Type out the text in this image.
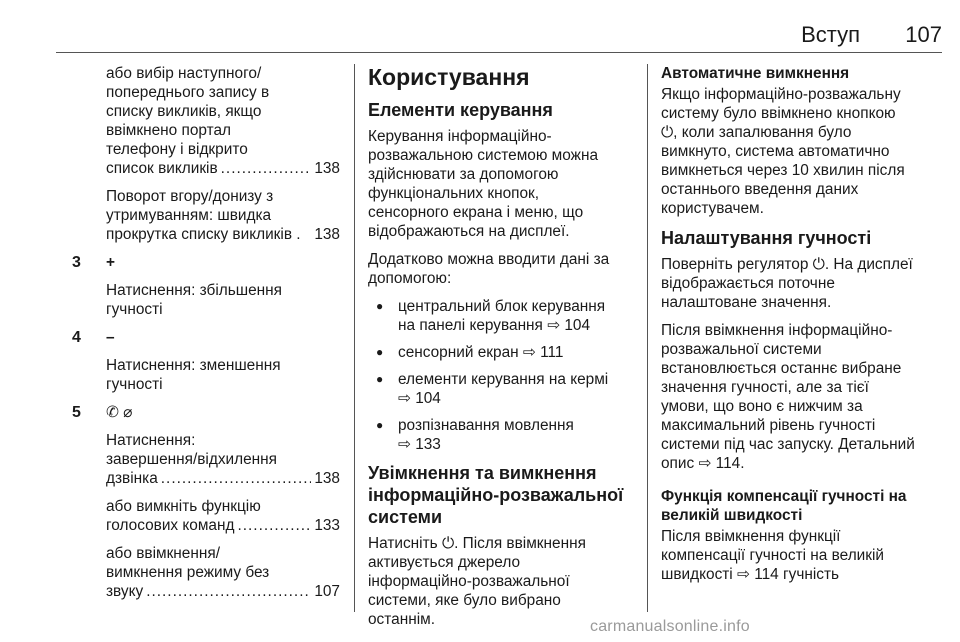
Вступ	107
або вибір наступного/
попереднього запису в
списку викликів, якщо
ввімкнено портал
телефону і відкрито
список викликів .....	138
Поворот вгору/донизу з
утримуванням: швидка
прокрутка списку викликів . 138
3 +
Натиснення: збільшення
гучності
4 –
Натиснення: зменшення
гучності
5 ✆ ⌀
Натиснення:
завершення/відхилення
дзвінка .....	138
або вимкніть функцію
голосових команд .....	133
або ввімкнення/
вимкнення режиму без
звуку .....	107
Користування
Елементи керування

Керування інформаційно-
розважальною системою можна
здійснювати за допомогою
функціональних кнопок,
сенсорного екрана і меню, що
відображаються на дисплеї.

Додатково можна вводити дані за
допомогою:

● центральний блок керування
на панелі керування ⇨ 104
● сенсорний екран ⇨ 111
● елементи керування на кермі
⇨ 104
● розпізнавання мовлення
⇨ 133
Увімкнення та вимкнення
інформаційно-розважальної
системи

Натисніть ⏻. Після ввімкнення
активується джерело
інформаційно-розважальної
системи, яке було вибрано
останнім.

Автоматичне вимкнення

Якщо інформаційно-розважальну
систему було ввімкнено кнопкою
⏻, коли запалювання було
вимкнуто, система автоматично
вимкнеться через 10 хвилин після
останнього введення даних
користувачем.

Налаштування гучності

Поверніть регулятор ⏻. На дисплеї
відображається поточне
налаштоване значення.

Після ввімкнення інформаційно-
розважальної системи
встановлюється останнє вибране
значення гучності, але за тієї
умови, що воно є нижчим за
максимальний рівень гучності
системи під час запуску. Детальний
опис ⇨ 114.

Функція компенсації гучності на
великій швидкості

Після ввімкнення функції
компенсації гучності на великій
швидкості ⇨ 114 гучність

carmanualsonline.info
